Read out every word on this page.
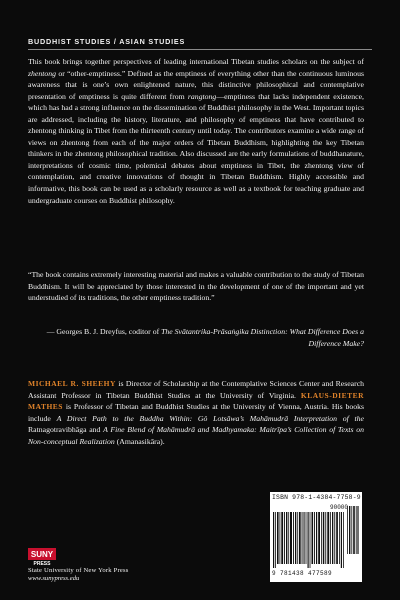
BUDDHIST STUDIES / ASIAN STUDIES
This book brings together perspectives of leading international Tibetan studies scholars on the subject of zhentong or “other-emptiness.” Defined as the emptiness of everything other than the continuous luminous awareness that is one’s own enlightened nature, this distinctive philosophical and contemplative presentation of emptiness is quite different from rangtong—emptiness that lacks independent existence, which has had a strong influence on the dissemination of Buddhist philosophy in the West. Important topics are addressed, including the history, literature, and philosophy of emptiness that have contributed to zhentong thinking in Tibet from the thirteenth century until today. The contributors examine a wide range of views on zhentong from each of the major orders of Tibetan Buddhism, highlighting the key Tibetan thinkers in the zhentong philosophical tradition. Also discussed are the early formulations of buddhanature, interpretations of cosmic time, polemical debates about emptiness in Tibet, the zhentong view of contemplation, and creative innovations of thought in Tibetan Buddhism. Highly accessible and informative, this book can be used as a scholarly resource as well as a textbook for teaching graduate and undergraduate courses on Buddhist philosophy.
“The book contains extremely interesting material and makes a valuable contribution to the study of Tibetan Buddhism. It will be appreciated by those interested in the development of one of the important and yet understudied of its traditions, the other emptiness tradition.”
— Georges B. J. Dreyfus, coditor of The Svātantrika-Prāsaṅgika Distinction: What Difference Does a Difference Make?
MICHAEL R. SHEEHY is Director of Scholarship at the Contemplative Sciences Center and Research Assistant Professor in Tibetan Buddhist Studies at the University of Virginia. KLAUS-DIETER MATHES is Professor of Tibetan and Buddhist Studies at the University of Vienna, Austria. His books include A Direct Path to the Buddha Within: Gö Lotsāwa’s Mahāmudrā Interpretation of the Ratnagotravibhāga and A Fine Blend of Mahāmudrā and Madhyamaka: Maitrīpa’s Collection of Texts on Non-conceptual Realization (Amanasikāra).
SUNY
PRESS
State University of New York Press
www.sunypress.edu
ISBN 978-1-4384-7758-9
90000
9 781438 477589
